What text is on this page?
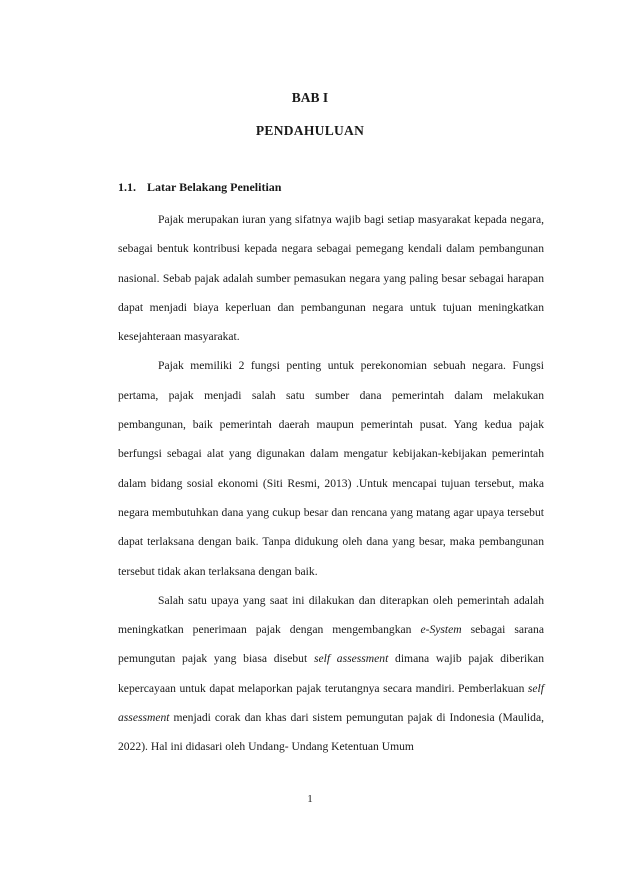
BAB I
PENDAHULUAN
1.1. Latar Belakang Penelitian

Pajak merupakan iuran yang sifatnya wajib bagi setiap masyarakat kepada negara, sebagai bentuk kontribusi kepada negara sebagai pemegang kendali dalam pembangunan nasional. Sebab pajak adalah sumber pemasukan negara yang paling besar sebagai harapan dapat menjadi biaya keperluan dan pembangunan negara untuk tujuan meningkatkan kesejahteraan masyarakat.

Pajak memiliki 2 fungsi penting untuk perekonomian sebuah negara. Fungsi pertama, pajak menjadi salah satu sumber dana pemerintah dalam melakukan pembangunan, baik pemerintah daerah maupun pemerintah pusat. Yang kedua pajak berfungsi sebagai alat yang digunakan dalam mengatur kebijakan-kebijakan pemerintah dalam bidang sosial ekonomi (Siti Resmi, 2013) .Untuk mencapai tujuan tersebut, maka negara membutuhkan dana yang cukup besar dan rencana yang matang agar upaya tersebut dapat terlaksana dengan baik. Tanpa didukung oleh dana yang besar, maka pembangunan tersebut tidak akan terlaksana dengan baik.

Salah satu upaya yang saat ini dilakukan dan diterapkan oleh pemerintah adalah meningkatkan penerimaan pajak dengan mengembangkan e-System sebagai sarana pemungutan pajak yang biasa disebut self assessment dimana wajib pajak diberikan kepercayaan untuk dapat melaporkan pajak terutangnya secara mandiri. Pemberlakuan self assessment menjadi corak dan khas dari sistem pemungutan pajak di Indonesia (Maulida, 2022). Hal ini didasari oleh Undang- Undang Ketentuan Umum

1
